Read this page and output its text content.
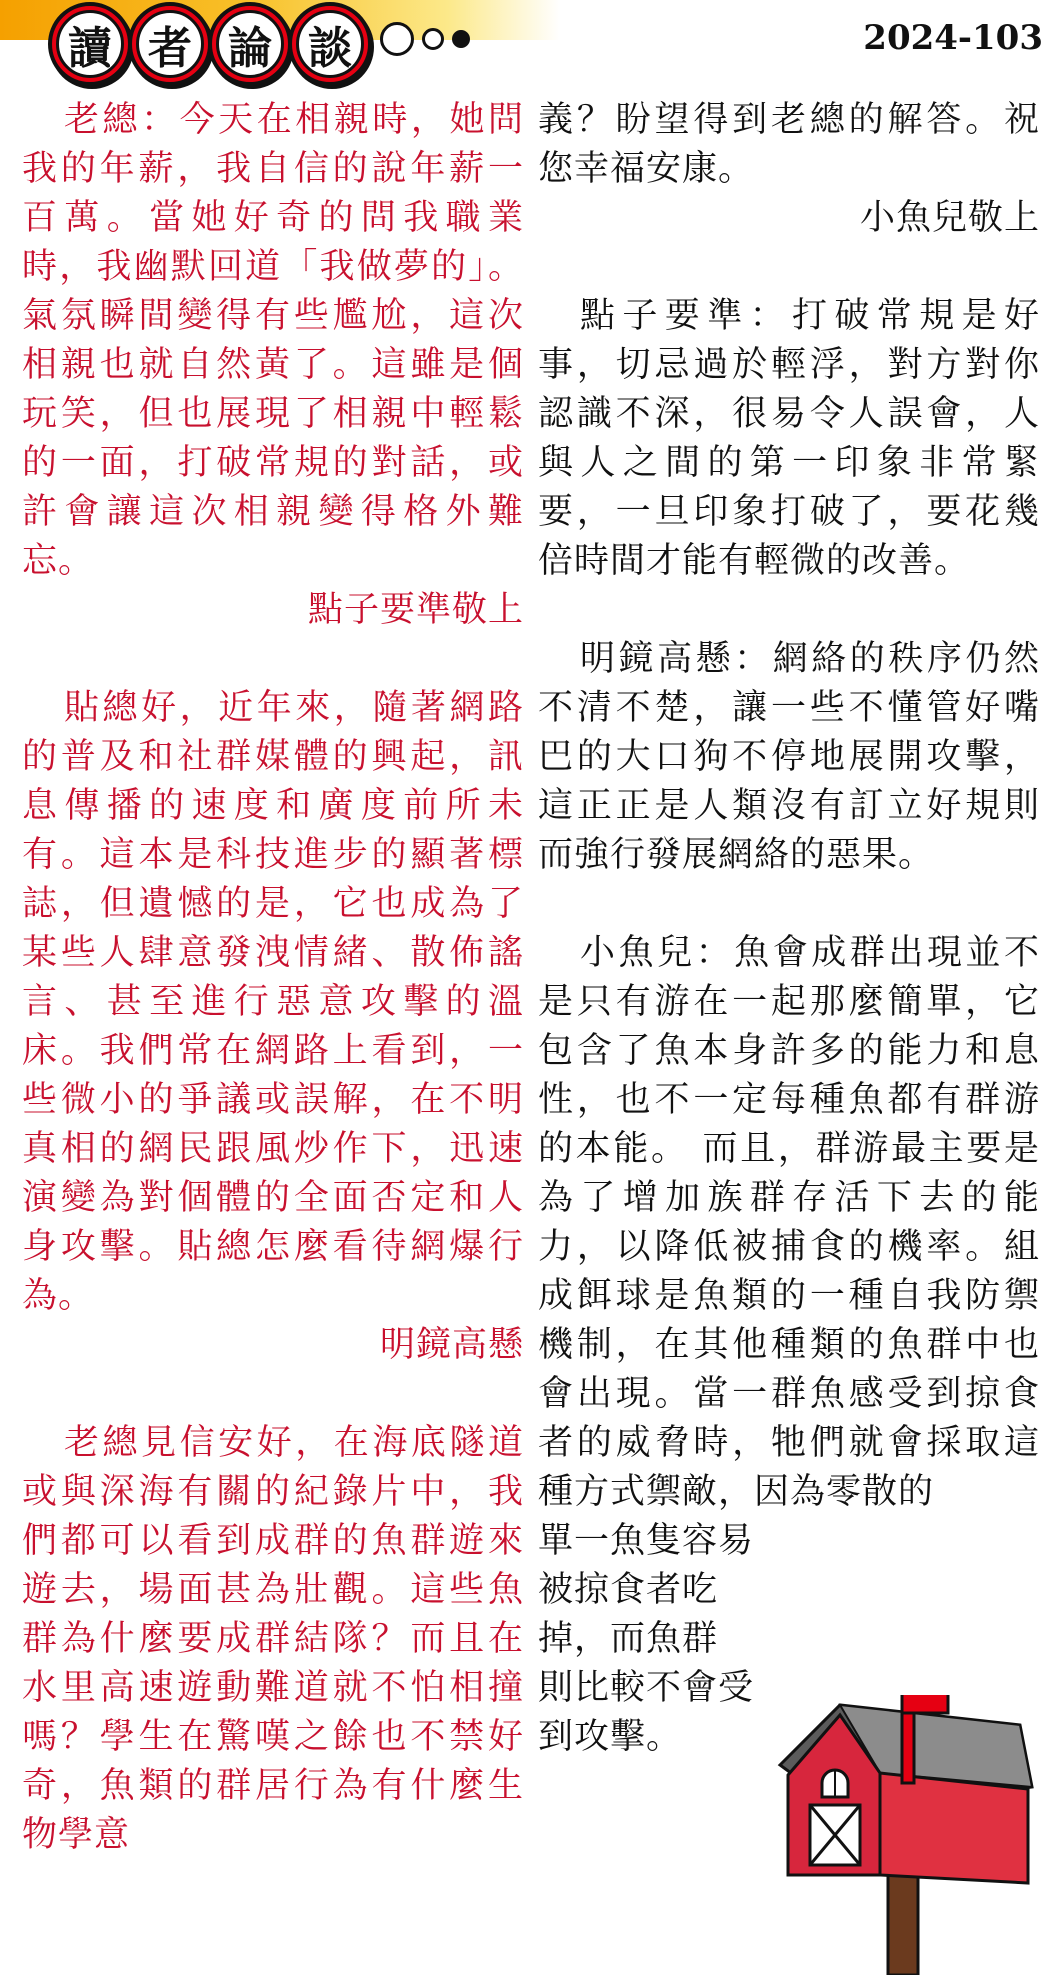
讀 者 論 談	2024-103

老總：今天在相親時，她問我的年薪，我自信的說年薪一百萬。當她好奇的問我職業時，我幽默回道「我做夢的」。氣氛瞬間變得有些尷尬，這次相親也就自然黃了。這雖是個玩笑，但也展現了相親中輕鬆的一面，打破常規的對話，或許會讓這次相親變得格外難忘。

點子要準敬上

貼總好，近年來，隨著網路的普及和社群媒體的興起，訊息傳播的速度和廣度前所未有。這本是科技進步的顯著標誌，但遺憾的是，它也成為了某些人肆意發洩情緒、散佈謠言、甚至進行惡意攻擊的溫床。我們常在網路上看到，一些微小的爭議或誤解，在不明真相的網民跟風炒作下，迅速演變為對個體的全面否定和人身攻擊。貼總怎麼看待網爆行為。

明鏡高懸

老總見信安好，在海底隧道或與深海有關的紀錄片中，我們都可以看到成群的魚群遊來遊去，場面甚為壯觀。這些魚群為什麼要成群結隊？而且在水里高速遊動難道就不怕相撞嗎？學生在驚嘆之餘也不禁好奇，魚類的群居行為有什麼生物學意

義？盼望得到老總的解答。祝您幸福安康。

小魚兒敬上

點子要準：打破常規是好事，切忌過於輕浮，對方對你認識不深，很易令人誤會，人與人之間的第一印象非常緊要，一旦印象打破了，要花幾倍時間才能有輕微的改善。

明鏡高懸：網絡的秩序仍然不清不楚，讓一些不懂管好嘴巴的大口狗不停地展開攻擊，這正正是人類沒有訂立好規則而強行發展網絡的惡果。

小魚兒：魚會成群出現並不是只有游在一起那麼簡單，它包含了魚本身許多的能力和息性，也不一定每種魚都有群游的本能。 而且，群游最主要是為了增加族群存活下去的能力，以降低被捕食的機率。組成餌球是魚類的一種自我防禦機制，在其他種類的魚群中也會出現。當一群魚感受到掠食者的威脅時，牠們就會採取這種方式禦敵，因為零散的

單一魚隻容易
被掠食者吃
掉，而魚群
則比較不會受
到攻擊。
